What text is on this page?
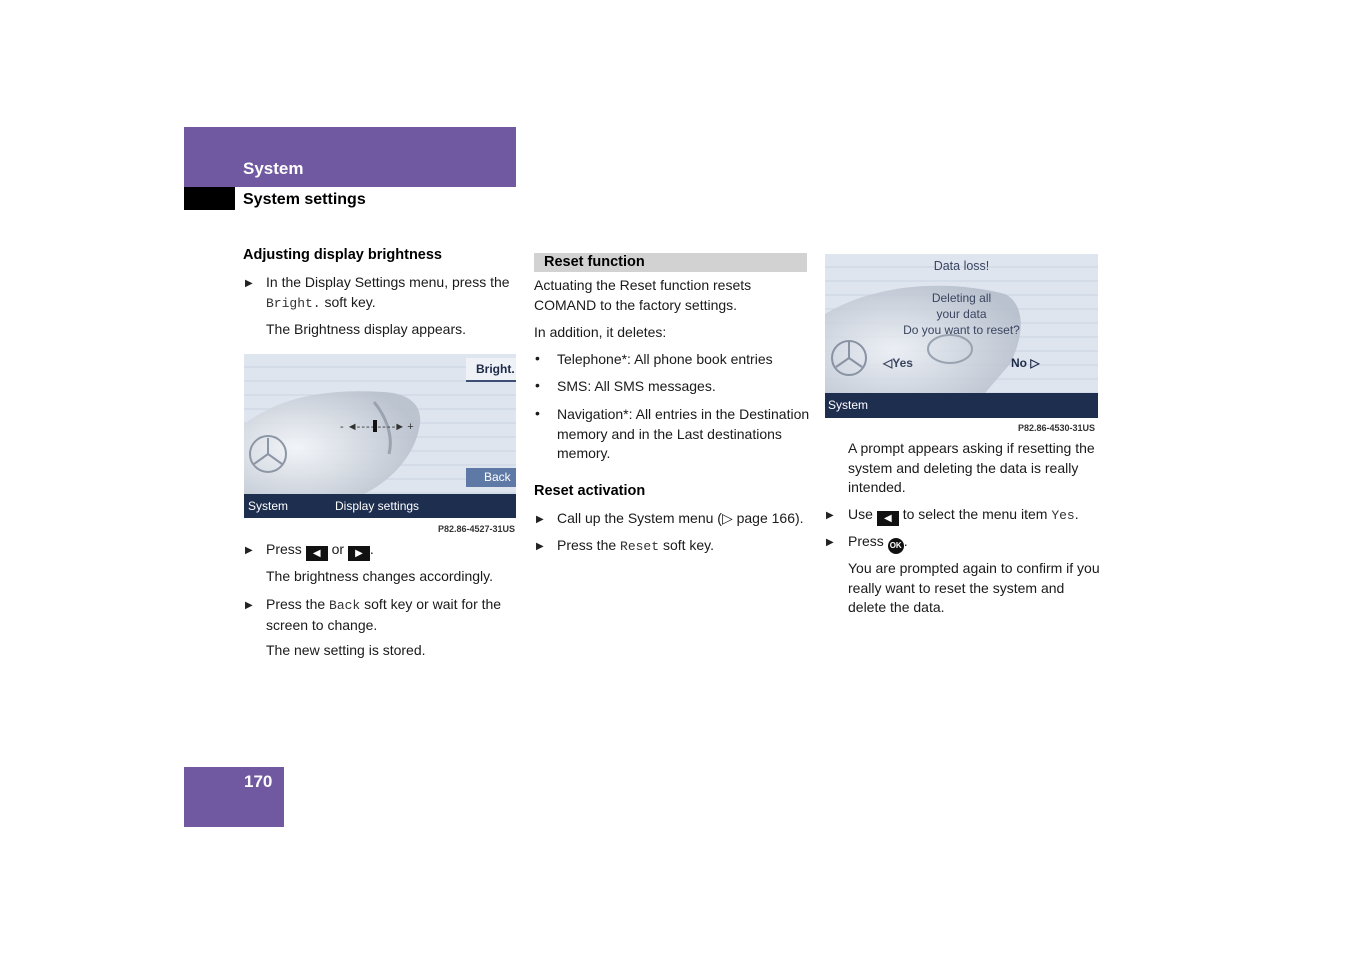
System
System settings
Adjusting display brightness
▶ In the Display Settings menu, press the
Bright. soft key.
The Brightness display appears.
Bright.
- ◄- - - - - - - -► +
Back
System	Display settings
P82.86-4527-31US
▶ Press ◀ or ▶ .
The brightness changes accordingly.
▶ Press the Back soft key or wait for the screen to change.
The new setting is stored.
Reset function
Actuating the Reset function resets COMAND to the factory settings.
In addition, it deletes:
• Telephone*: All phone book entries
• SMS: All SMS messages.
• Navigation*: All entries in the Destination memory and in the Last destinations memory.
Reset activation
▶ Call up the System menu (▷ page 166).
▶ Press the Reset soft key.
Data loss!
Deleting all
your data
Do you want to reset?
◁Yes	No ▷
System
P82.86-4530-31US
A prompt appears asking if resetting the system and deleting the data is really intended.
▶ Use ◀ to select the menu item Yes.
▶ Press OK .
You are prompted again to confirm if you really want to reset the system and delete the data.
170
